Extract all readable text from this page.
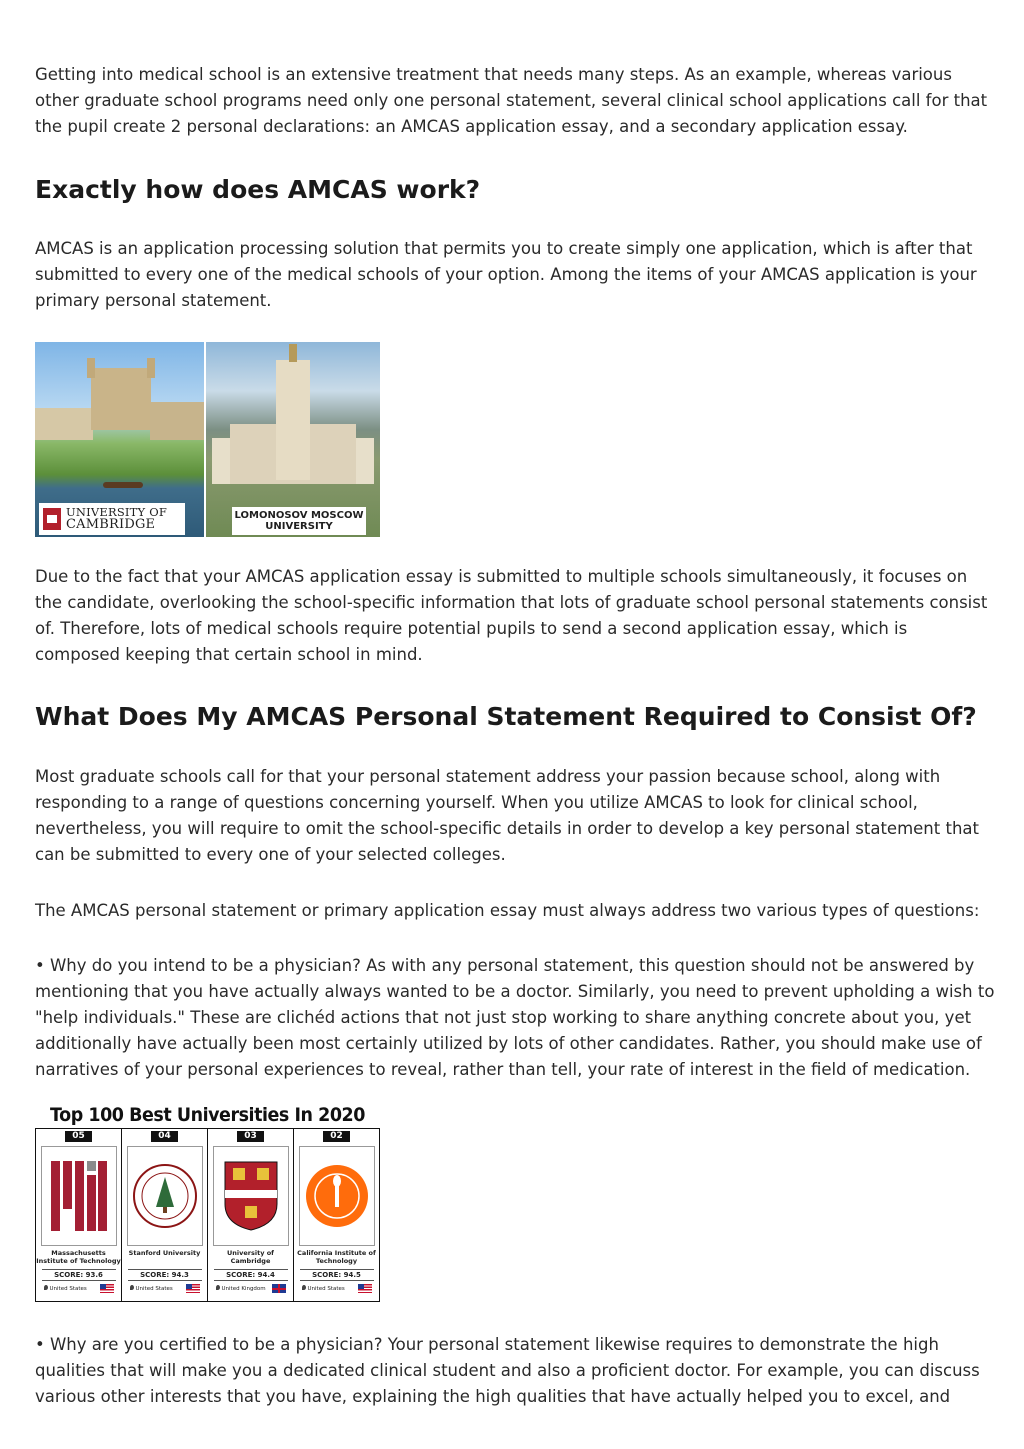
Getting into medical school is an extensive treatment that needs many steps. As an example, whereas various other graduate school programs need only one personal statement, several clinical school applications call for that the pupil create 2 personal declarations: an AMCAS application essay, and a secondary application essay.

Exactly how does AMCAS work?

AMCAS is an application processing solution that permits you to create simply one application, which is after that submitted to every one of the medical schools of your option. Among the items of your AMCAS application is your primary personal statement.

UNIVERSITY OF
CAMBRIDGE
LOMONOSOV MOSCOW
UNIVERSITY

Due to the fact that your AMCAS application essay is submitted to multiple schools simultaneously, it focuses on the candidate, overlooking the school-specific information that lots of graduate school personal statements consist of. Therefore, lots of medical schools require potential pupils to send a second application essay, which is composed keeping that certain school in mind.

What Does My AMCAS Personal Statement Required to Consist Of?

Most graduate schools call for that your personal statement address your passion because school, along with responding to a range of questions concerning yourself. When you utilize AMCAS to look for clinical school, nevertheless, you will require to omit the school-specific details in order to develop a key personal statement that can be submitted to every one of your selected colleges.

The AMCAS personal statement or primary application essay must always address two various types of questions:

• Why do you intend to be a physician? As with any personal statement, this question should not be answered by mentioning that you have actually always wanted to be a doctor. Similarly, you need to prevent upholding a wish to "help individuals." These are clichéd actions that not just stop working to share anything concrete about you, yet additionally have actually been most certainly utilized by lots of other candidates. Rather, you should make use of narratives of your personal experiences to reveal, rather than tell, your rate of interest in the field of medication.

Top 100 Best Universities In 2020
05
Massachusetts Institute of Technology
SCORE: 93.6
United States
04
Stanford University
SCORE: 94.3
United States
03
University of Cambridge
SCORE: 94.4
United Kingdom
02
California Institute of Technology
SCORE: 94.5
United States

• Why are you certified to be a physician? Your personal statement likewise requires to demonstrate the high qualities that will make you a dedicated clinical student and also a proficient doctor. For example, you can discuss various other interests that you have, explaining the high qualities that have actually helped you to excel, and
